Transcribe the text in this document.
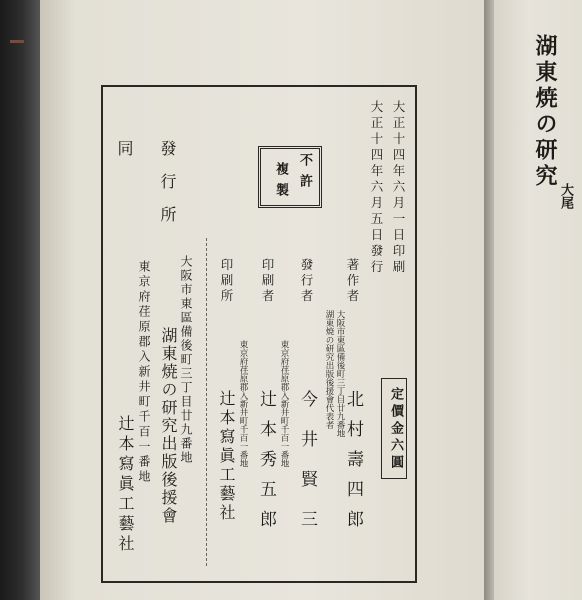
湖東焼の研究
大尾
大正十四年六月一日印刷
大正十四年六月五日發行
不許
複製
著作者
大阪市東區備後町三丁目廿九番地
湖東焼の研究出版後援會代表者
北村壽四郎
發行者
今井賢三
印刷者
東京府荏原郡入新井町千百一番地
辻本秀五郎
印刷所
東京府荏原郡入新井町千百一番地
辻本寫眞工藝社	定價金六圓
發行所
大阪市東區備後町三丁目廿九番地
湖東焼の研究出版後援會
同
東京府荏原郡入新井町千百一番地
辻本寫眞工藝社
